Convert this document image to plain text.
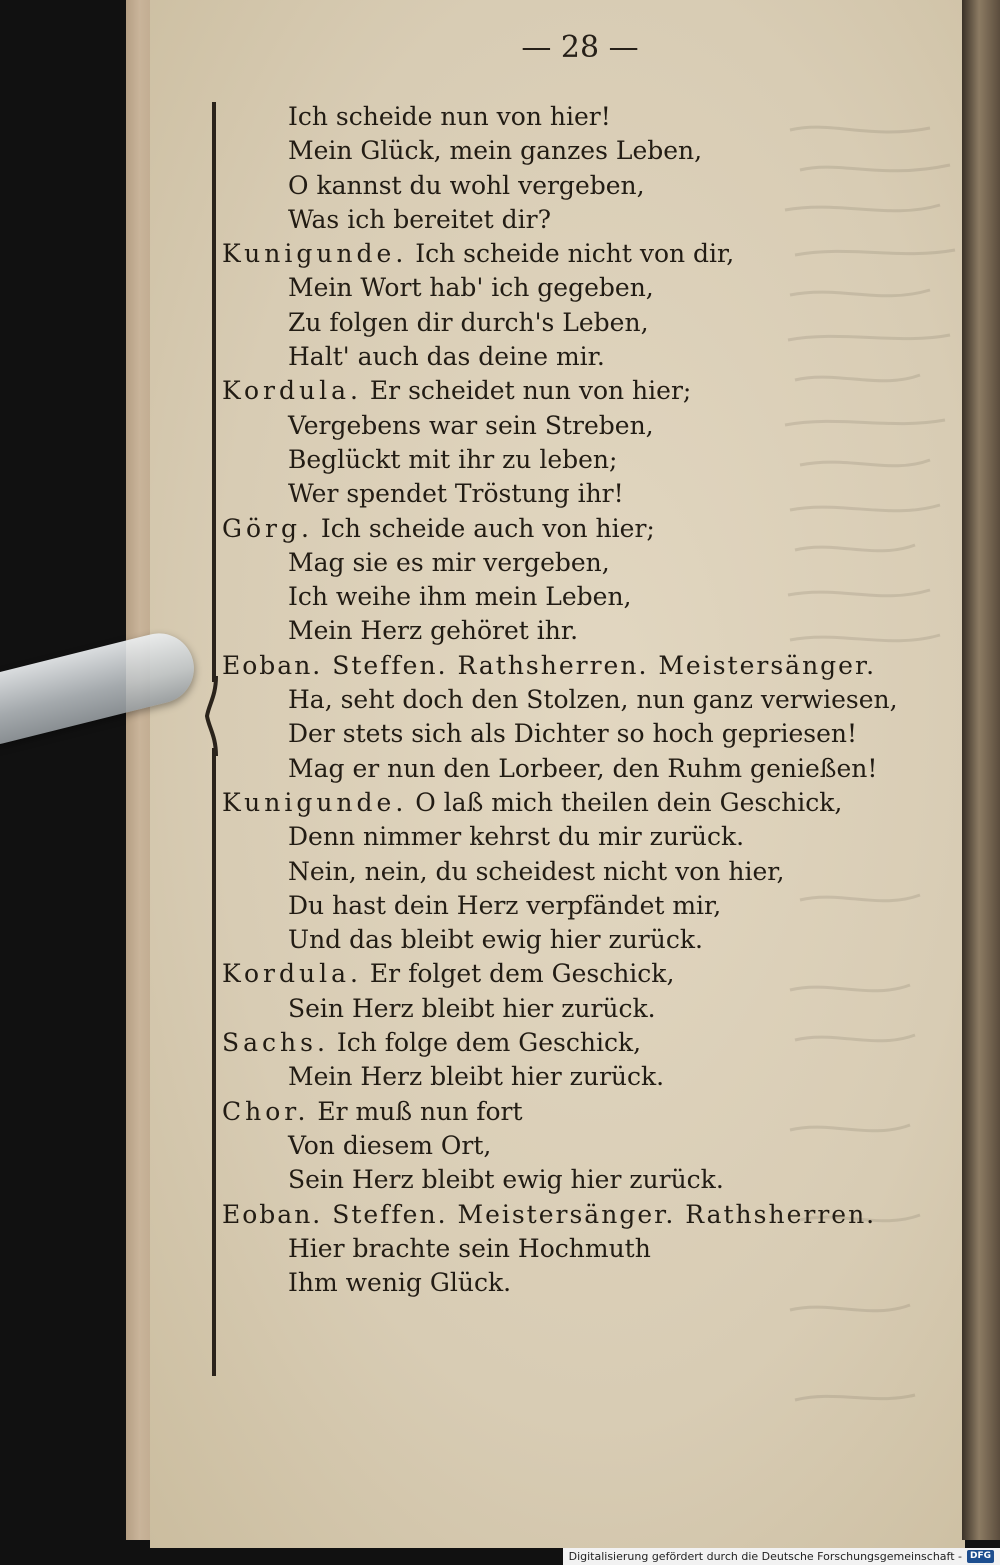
— 28 —
Ich scheide nun von hier!
Mein Glück, mein ganzes Leben,
O kannst du wohl vergeben,
Was ich bereitet dir?
Kunigunde. Ich scheide nicht von dir,
Mein Wort hab' ich gegeben,
Zu folgen dir durch's Leben,
Halt' auch das deine mir.
Kordula. Er scheidet nun von hier;
Vergebens war sein Streben,
Beglückt mit ihr zu leben;
Wer spendet Tröstung ihr!
Görg. Ich scheide auch von hier;
Mag sie es mir vergeben,
Ich weihe ihm mein Leben,
Mein Herz gehöret ihr.
Eoban. Steffen. Rathsherren. Meistersänger.
Ha, seht doch den Stolzen, nun ganz verwiesen,
Der stets sich als Dichter so hoch gepriesen!
Mag er nun den Lorbeer, den Ruhm genießen!
Kunigunde. O laß mich theilen dein Geschick,
Denn nimmer kehrst du mir zurück.
Nein, nein, du scheidest nicht von hier,
Du hast dein Herz verpfändet mir,
Und das bleibt ewig hier zurück.
Kordula. Er folget dem Geschick,
Sein Herz bleibt hier zurück.
Sachs. Ich folge dem Geschick,
Mein Herz bleibt hier zurück.
Chor. Er muß nun fort
Von diesem Ort,
Sein Herz bleibt ewig hier zurück.
Eoban. Steffen. Meistersänger. Rathsherren.
Hier brachte sein Hochmuth
Ihm wenig Glück.
Digitalisierung gefördert durch die Deutsche Forschungsgemeinschaft - DFG
